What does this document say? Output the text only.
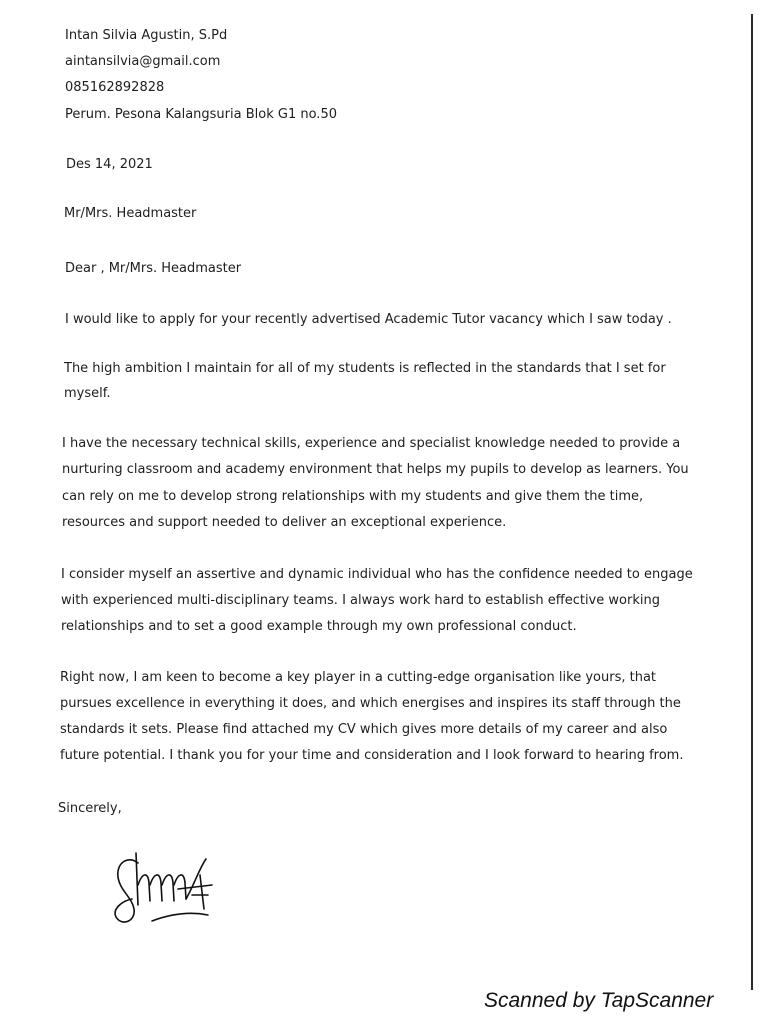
Intan Silvia Agustin, S.Pd
aintansilvia@gmail.com
085162892828
Perum. Pesona Kalangsuria Blok G1 no.50
Des 14, 2021
Mr/Mrs. Headmaster
Dear , Mr/Mrs. Headmaster
I would like to apply for your recently advertised Academic Tutor vacancy which I saw today .
The high ambition I maintain for all of my students is reflected in the standards that I set for
myself.
I have the necessary technical skills, experience and specialist knowledge needed to provide a
nurturing classroom and academy environment that helps my pupils to develop as learners. You
can rely on me to develop strong relationships with my students and give them the time,
resources and support needed to deliver an exceptional experience.
I consider myself an assertive and dynamic individual who has the confidence needed to engage
with experienced multi-disciplinary teams. I always work hard to establish effective working
relationships and to set a good example through my own professional conduct.
Right now, I am keen to become a key player in a cutting-edge organisation like yours, that
pursues excellence in everything it does, and which energises and inspires its staff through the
standards it sets. Please find attached my CV which gives more details of my career and also
future potential. I thank you for your time and consideration and I look forward to hearing from.
Sincerely,
Scanned by TapScanner
